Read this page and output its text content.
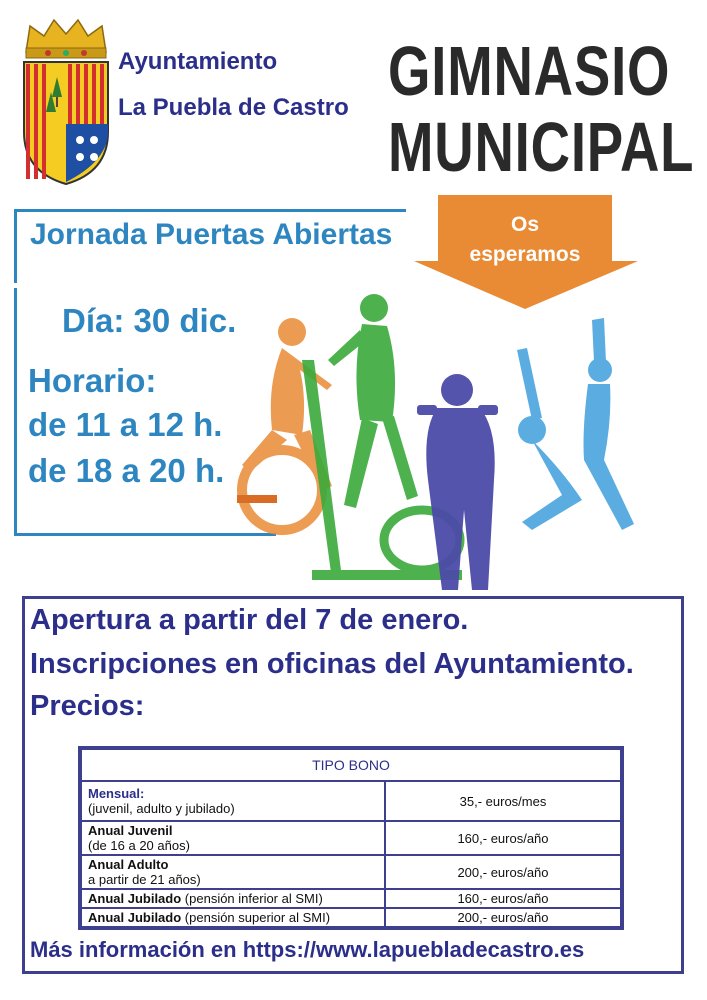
Ayuntamiento
La Puebla de Castro GIMNASIO
MUNICIPAL
Os
esperamos
Jornada Puertas Abiertas
Día: 30 dic.
Horario:
de 11 a 12 h.
de 18 a 20 h.
Apertura a partir del 7 de enero.
Inscripciones en oficinas del Ayuntamiento.
Precios:
TIPO BONO	
Mensual:
(juvenil, adulto y jubilado)	35,- euros/mes
Anual Juvenil
(de 16 a 20 años)	160,- euros/año
Anual Adulto
a partir de 21 años)	200,- euros/año
Anual Jubilado (pensión inferior al SMI)	160,- euros/año
Anual Jubilado (pensión superior al SMI)	200,- euros/año
Más información en https://www.lapuebladecastro.es
